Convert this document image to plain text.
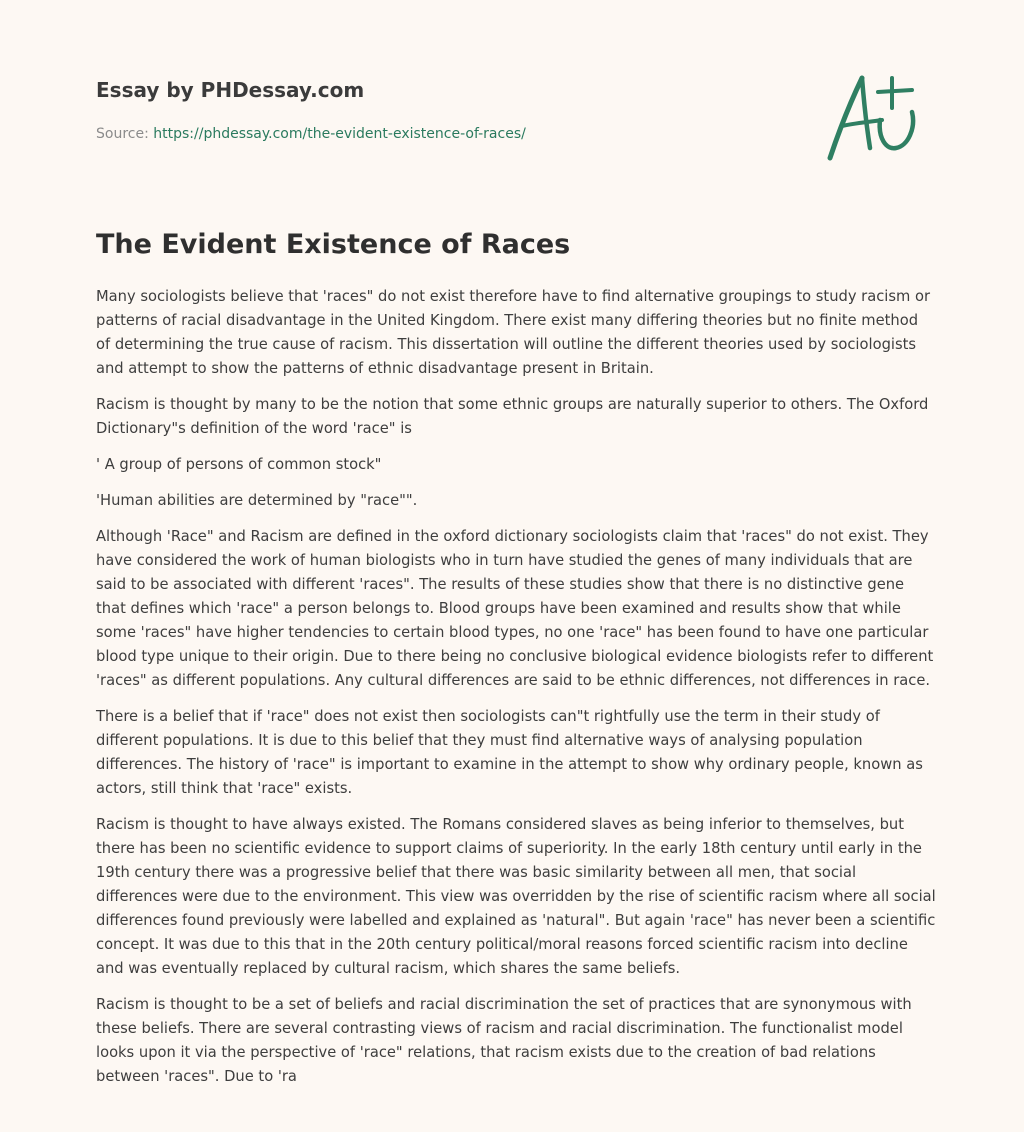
Essay by PHDessay.com
Source: https://phdessay.com/the-evident-existence-of-races/
The Evident Existence of Races

Many sociologists believe that 'races" do not exist therefore have to find alternative groupings to study racism or patterns of racial disadvantage in the United Kingdom. There exist many differing theories but no finite method of determining the true cause of racism. This dissertation will outline the different theories used by sociologists and attempt to show the patterns of ethnic disadvantage present in Britain.

Racism is thought by many to be the notion that some ethnic groups are naturally superior to others. The Oxford Dictionary"s definition of the word 'race" is

' A group of persons of common stock"

'Human abilities are determined by "race"".

Although 'Race" and Racism are defined in the oxford dictionary sociologists claim that 'races" do not exist. They have considered the work of human biologists who in turn have studied the genes of many individuals that are said to be associated with different 'races". The results of these studies show that there is no distinctive gene that defines which 'race" a person belongs to. Blood groups have been examined and results show that while some 'races" have higher tendencies to certain blood types, no one 'race" has been found to have one particular blood type unique to their origin. Due to there being no conclusive biological evidence biologists refer to different 'races" as different populations. Any cultural differences are said to be ethnic differences, not differences in race.

There is a belief that if 'race" does not exist then sociologists can"t rightfully use the term in their study of different populations. It is due to this belief that they must find alternative ways of analysing population differences. The history of 'race" is important to examine in the attempt to show why ordinary people, known as actors, still think that 'race" exists.

Racism is thought to have always existed. The Romans considered slaves as being inferior to themselves, but there has been no scientific evidence to support claims of superiority. In the early 18th century until early in the 19th century there was a progressive belief that there was basic similarity between all men, that social differences were due to the environment. This view was overridden by the rise of scientific racism where all social differences found previously were labelled and explained as 'natural". But again 'race" has never been a scientific concept. It was due to this that in the 20th century political/moral reasons forced scientific racism into decline and was eventually replaced by cultural racism, which shares the same beliefs.

Racism is thought to be a set of beliefs and racial discrimination the set of practices that are synonymous with these beliefs. There are several contrasting views of racism and racial discrimination. The functionalist model looks upon it via the perspective of 'race" relations, that racism exists due to the creation of bad relations between 'races". Due to 'ra
